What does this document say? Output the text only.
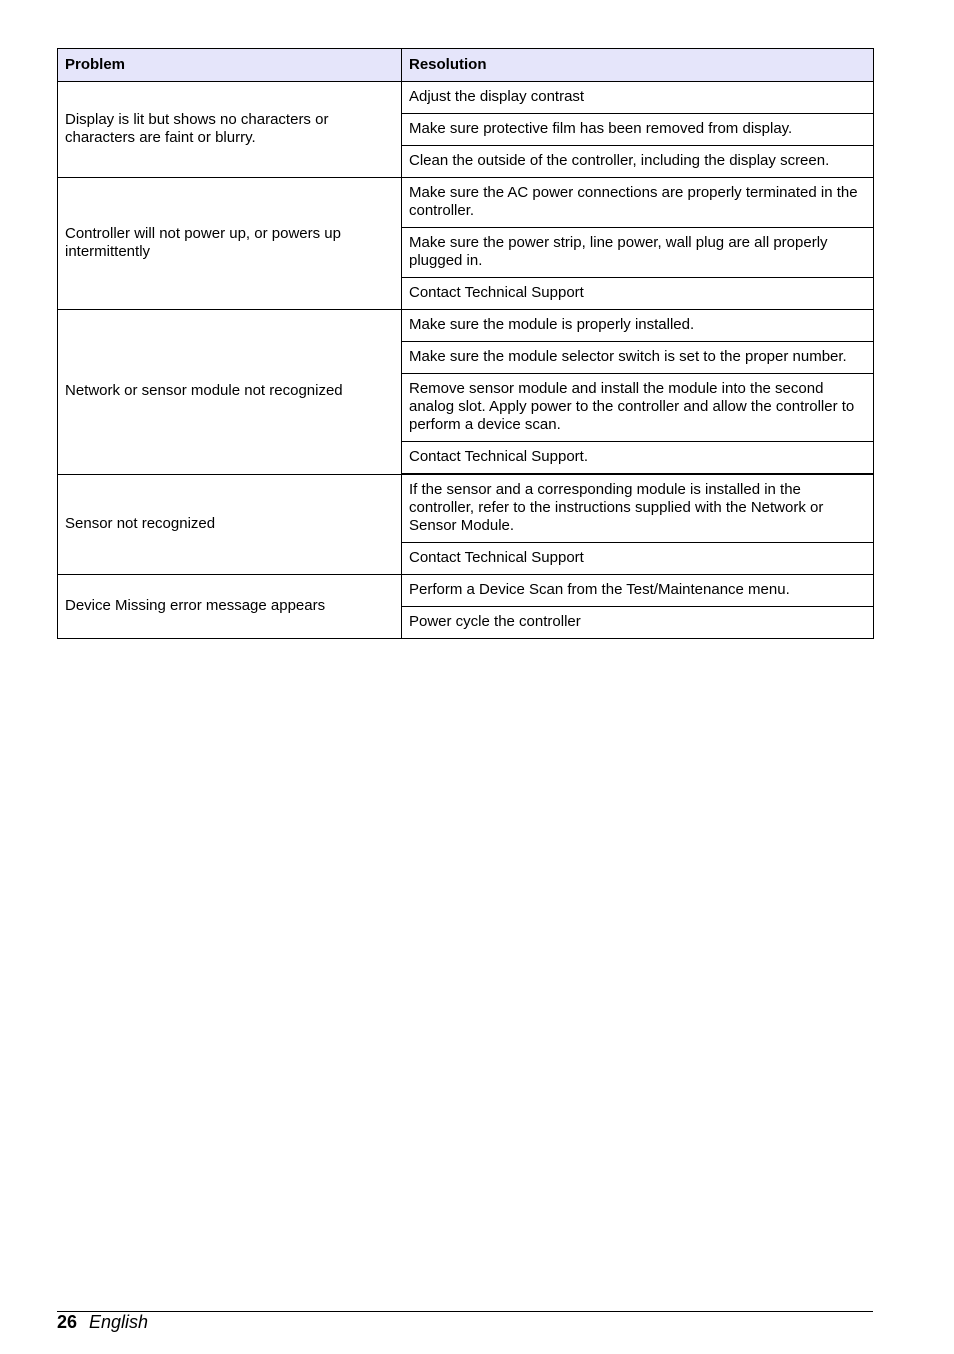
Problem	Resolution
Display is lit but shows no characters or characters are faint or blurry.	Adjust the display contrast
	Make sure protective film has been removed from display.
	Clean the outside of the controller, including the display screen.
Controller will not power up, or powers up intermittently	Make sure the AC power connections are properly terminated in the controller.
	Make sure the power strip, line power, wall plug are all properly plugged in.
	Contact Technical Support
Network or sensor module not recognized	Make sure the module is properly installed.
	Make sure the module selector switch is set to the proper number.
	Remove sensor module and install the module into the second analog slot. Apply power to the controller and allow the controller to perform a device scan.
	Contact Technical Support.
Sensor not recognized	If the sensor and a corresponding module is installed in the controller, refer to the instructions supplied with the Network or Sensor Module.
	Contact Technical Support
Device Missing error message appears	Perform a Device Scan from the Test/Maintenance menu.
	Power cycle the controller
26 English
